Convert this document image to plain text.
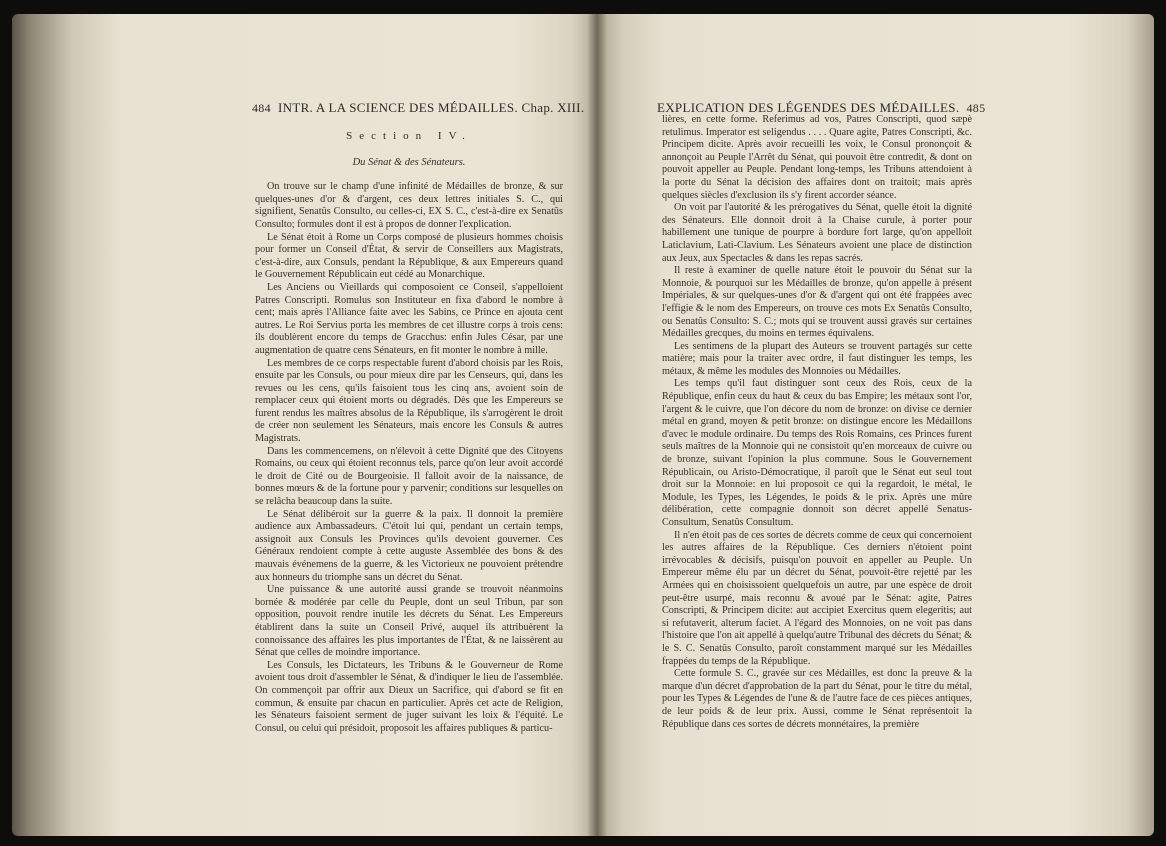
484 INTR. A LA SCIENCE DES MÉDAILLES. Chap. XIII.
Section IV.
Du Sénat & des Sénateurs.

On trouve sur le champ d'une infinité de Médailles de bronze, & sur quelques-unes d'or & d'argent, ces deux lettres initiales S. C., qui signifient, Senatûs Consulto, ou celles-ci, EX S. C., c'est-à-dire ex Senatûs Consulto; formules dont il est à propos de donner l'explication.

Le Sénat étoit à Rome un Corps composé de plusieurs hommes choisis pour former un Conseil d'État, & servir de Conseillers aux Magistrats, c'est-à-dire, aux Consuls, pendant la République, & aux Empereurs quand le Gouvernement Républicain eut cédé au Monarchique.

Les Anciens ou Vieillards qui composoient ce Conseil, s'appelloient Patres Conscripti. Romulus son Instituteur en fixa d'abord le nombre à cent; mais après l'Alliance faite avec les Sabins, ce Prince en ajouta cent autres. Le Roi Servius porta les membres de cet illustre corps à trois cens: ils doublèrent encore du temps de Gracchus: enfin Jules César, par une augmentation de quatre cens Sénateurs, en fit monter le nombre à mille.

Les membres de ce corps respectable furent d'abord choisis par les Rois, ensuite par les Consuls, ou pour mieux dire par les Censeurs, qui, dans les revues ou les cens, qu'ils faisoient tous les cinq ans, avoient soin de remplacer ceux qui étoient morts ou dégradés. Dès que les Empereurs se furent rendus les maîtres absolus de la République, ils s'arrogèrent le droit de créer non seulement les Sénateurs, mais encore les Consuls & autres Magistrats.

Dans les commencemens, on n'élevoit à cette Dignité que des Citoyens Romains, ou ceux qui étoient reconnus tels, parce qu'on leur avoit accordé le droit de Cité ou de Bourgeoisie. Il falloit avoir de la naissance, de bonnes mœurs & de la fortune pour y parvenir; conditions sur lesquelles on se relâcha beaucoup dans la suite.

Le Sénat délibéroit sur la guerre & la paix. Il donnoit la première audience aux Ambassadeurs. C'étoit lui qui, pendant un certain temps, assignoit aux Consuls les Provinces qu'ils devoient gouverner. Ces Généraux rendoient compte à cette auguste Assemblée des bons & des mauvais événemens de la guerre, & les Victorieux ne pouvoient prétendre aux honneurs du triomphe sans un décret du Sénat.

Une puissance & une autorité aussi grande se trouvoit néanmoins bornée & modérée par celle du Peuple, dont un seul Tribun, par son opposition, pouvoit rendre inutile les décrets du Sénat. Les Empereurs établirent dans la suite un Conseil Privé, auquel ils attribuèrent la connoissance des affaires les plus importantes de l'État, & ne laissèrent au Sénat que celles de moindre importance.

Les Consuls, les Dictateurs, les Tribuns & le Gouverneur de Rome avoient tous droit d'assembler le Sénat, & d'indiquer le lieu de l'assemblée. On commençoit par offrir aux Dieux un Sacrifice, qui d'abord se fit en commun, & ensuite par chacun en particulier. Après cet acte de Religion, les Sénateurs faisoient serment de juger suivant les loix & l'équité. Le Consul, ou celui qui présidoit, proposoit les affaires publiques & particu-

EXPLICATION DES LÉGENDES DES MÉDAILLES. 485

lières, en cette forme. Referimus ad vos, Patres Conscripti, quod sæpè retulimus. Imperator est seligendus . . . . Quare agite, Patres Conscripti, &c. Principem dicite. Après avoir recueilli les voix, le Consul prononçoit & annonçoit au Peuple l'Arrêt du Sénat, qui pouvoit être contredit, & dont on pouvoit appeller au Peuple. Pendant long-temps, les Tribuns attendoient à la porte du Sénat la décision des affaires dont on traitoit; mais après quelques siècles d'exclusion ils s'y firent accorder séance.

On voit par l'autorité & les prérogatives du Sénat, quelle étoit la dignité des Sénateurs. Elle donnoit droit à la Chaise curule, à porter pour habillement une tunique de pourpre à bordure fort large, qu'on appelloit Laticlavium, Lati-Clavium. Les Sénateurs avoient une place de distinction aux Jeux, aux Spectacles & dans les repas sacrés.

Il reste à examiner de quelle nature étoit le pouvoir du Sénat sur la Monnoie, & pourquoi sur les Médailles de bronze, qu'on appelle à présent Impériales, & sur quelques-unes d'or & d'argent qui ont été frappées avec l'effigie & le nom des Empereurs, on trouve ces mots Ex Senatûs Consulto, ou Senatûs Consulto: S. C.; mots qui se trouvent aussi gravés sur certaines Médailles grecques, du moins en termes équivalens.

Les sentimens de la plupart des Auteurs se trouvent partagés sur cette matière; mais pour la traiter avec ordre, il faut distinguer les temps, les métaux, & même les modules des Monnoies ou Médailles.

Les temps qu'il faut distinguer sont ceux des Rois, ceux de la République, enfin ceux du haut & ceux du bas Empire; les métaux sont l'or, l'argent & le cuivre, que l'on décore du nom de bronze: on divise ce dernier métal en grand, moyen & petit bronze: on distingue encore les Médaillons d'avec le module ordinaire. Du temps des Rois Romains, ces Princes furent seuls maîtres de la Monnoie qui ne consistoit qu'en morceaux de cuivre ou de bronze, suivant l'opinion la plus commune. Sous le Gouvernement Républicain, ou Aristo-Démocratique, il paroît que le Sénat eut seul tout droit sur la Monnoie: en lui proposoit ce qui la regardoit, le métal, le Module, les Types, les Légendes, le poids & le prix. Après une mûre délibération, cette compagnie donnoit son décret appellé Senatus-Consultum, Senatûs Consultum.

Il n'en étoit pas de ces sortes de décrets comme de ceux qui concernoient les autres affaires de la République. Ces derniers n'étoient point irrévocables & décisifs, puisqu'on pouvoit en appeller au Peuple. Un Empereur même élu par un décret du Sénat, pouvoit-être rejetté par les Armées qui en choisissoient quelquefois un autre, par une espèce de droit peut-être usurpé, mais reconnu & avoué par le Sénat: agite, Patres Conscripti, & Principem dicite: aut accipiet Exercitus quem elegeritis; aut si refutaverit, alterum faciet. A l'égard des Monnoies, on ne voit pas dans l'histoire que l'on ait appellé à quelqu'autre Tribunal des décrets du Sénat; & le S. C. Senatûs Consulto, paroît constamment marqué sur les Médailles frappées du temps de la République.

Cette formule S. C., gravée sur ces Médailles, est donc la preuve & la marque d'un décret d'approbation de la part du Sénat, pour le titre du métal, pour les Types & Légendes de l'une & de l'autre face de ces pièces antiques, de leur poids & de leur prix. Aussi, comme le Sénat représentoit la République dans ces sortes de décrets monnétaires, la première
